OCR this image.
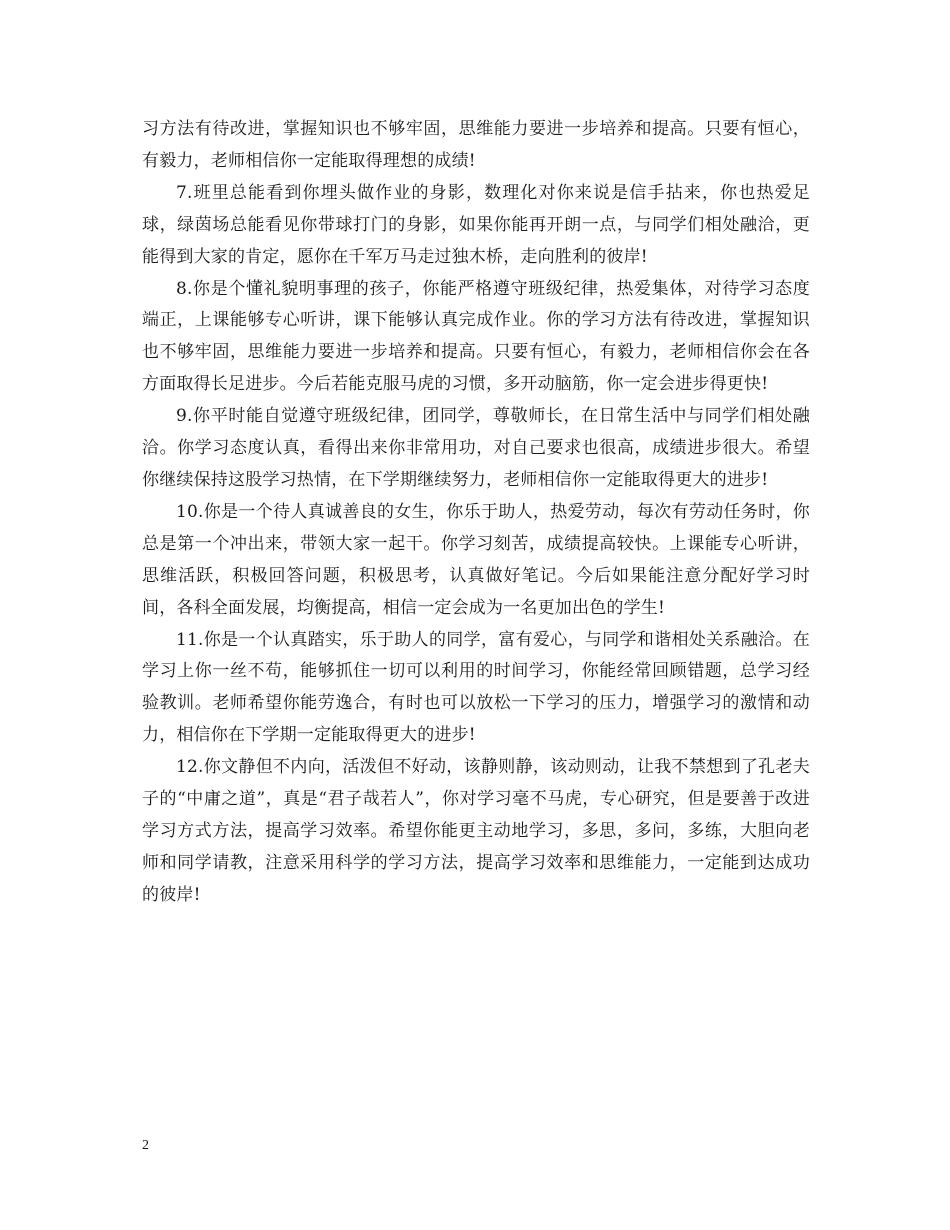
习方法有待改进，掌握知识也不够牢固，思维能力要进一步培养和提高。只要有恒心，有毅力，老师相信你一定能取得理想的成绩!

7.班里总能看到你埋头做作业的身影，数理化对你来说是信手拈来，你也热爱足球，绿茵场总能看见你带球打门的身影，如果你能再开朗一点，与同学们相处融洽，更能得到大家的肯定，愿你在千军万马走过独木桥，走向胜利的彼岸!

8.你是个懂礼貌明事理的孩子，你能严格遵守班级纪律，热爱集体，对待学习态度端正，上课能够专心听讲，课下能够认真完成作业。你的学习方法有待改进，掌握知识也不够牢固，思维能力要进一步培养和提高。只要有恒心，有毅力，老师相信你会在各方面取得长足进步。今后若能克服马虎的习惯，多开动脑筋，你一定会进步得更快!

9.你平时能自觉遵守班级纪律，团同学，尊敬师长，在日常生活中与同学们相处融洽。你学习态度认真，看得出来你非常用功，对自己要求也很高，成绩进步很大。希望你继续保持这股学习热情，在下学期继续努力，老师相信你一定能取得更大的进步!

10.你是一个待人真诚善良的女生，你乐于助人，热爱劳动，每次有劳动任务时，你总是第一个冲出来，带领大家一起干。你学习刻苦，成绩提高较快。上课能专心听讲，思维活跃，积极回答问题，积极思考，认真做好笔记。今后如果能注意分配好学习时间，各科全面发展，均衡提高，相信一定会成为一名更加出色的学生!

11.你是一个认真踏实，乐于助人的同学，富有爱心，与同学和谐相处关系融洽。在学习上你一丝不苟，能够抓住一切可以利用的时间学习，你能经常回顾错题，总学习经验教训。老师希望你能劳逸合，有时也可以放松一下学习的压力，增强学习的激情和动力，相信你在下学期一定能取得更大的进步!

12.你文静但不内向，活泼但不好动，该静则静，该动则动，让我不禁想到了孔老夫子的“中庸之道”，真是“君子哉若人”，你对学习毫不马虎，专心研究，但是要善于改进学习方式方法，提高学习效率。希望你能更主动地学习，多思，多问，多练，大胆向老师和同学请教，注意采用科学的学习方法，提高学习效率和思维能力，一定能到达成功的彼岸!

2
